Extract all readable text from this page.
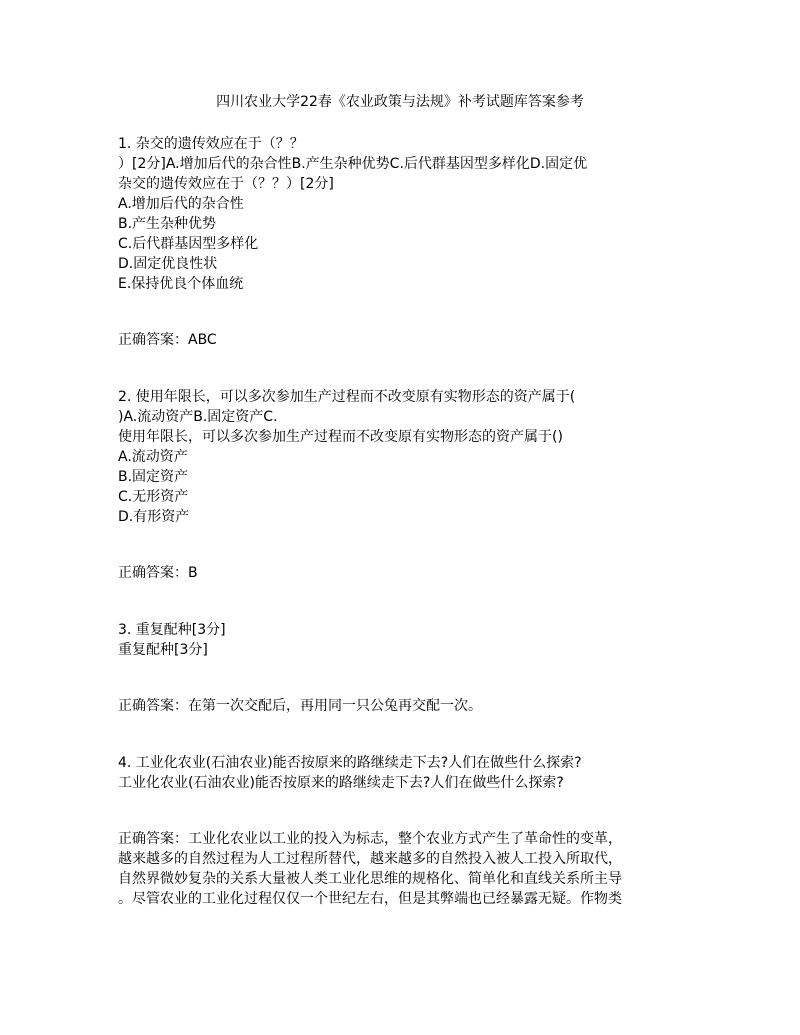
四川农业大学22春《农业政策与法规》补考试题库答案参考
1. 杂交的遗传效应在于（？？
）[2分]A.增加后代的杂合性B.产生杂种优势C.后代群基因型多样化D.固定优
杂交的遗传效应在于（？？）[2分]
A.增加后代的杂合性
B.产生杂种优势
C.后代群基因型多样化
D.固定优良性状
E.保持优良个体血统
正确答案：ABC
2. 使用年限长，可以多次参加生产过程而不改变原有实物形态的资产属于(
)A.流动资产B.固定资产C.
使用年限长，可以多次参加生产过程而不改变原有实物形态的资产属于()
A.流动资产
B.固定资产
C.无形资产
D.有形资产
正确答案：B
3. 重复配种[3分]
重复配种[3分]
正确答案：在第一次交配后，再用同一只公兔再交配一次。
4. 工业化农业(石油农业)能否按原来的路继续走下去?人们在做些什么探索?
工业化农业(石油农业)能否按原来的路继续走下去?人们在做些什么探索?
正确答案：工业化农业以工业的投入为标志，整个农业方式产生了革命性的变革，
越来越多的自然过程为人工过程所替代，越来越多的自然投入被人工投入所取代，
自然界微妙复杂的关系大量被人类工业化思维的规格化、简单化和直线关系所主导
。尽管农业的工业化过程仅仅一个世纪左右，但是其弊端也已经暴露无疑。作物类
